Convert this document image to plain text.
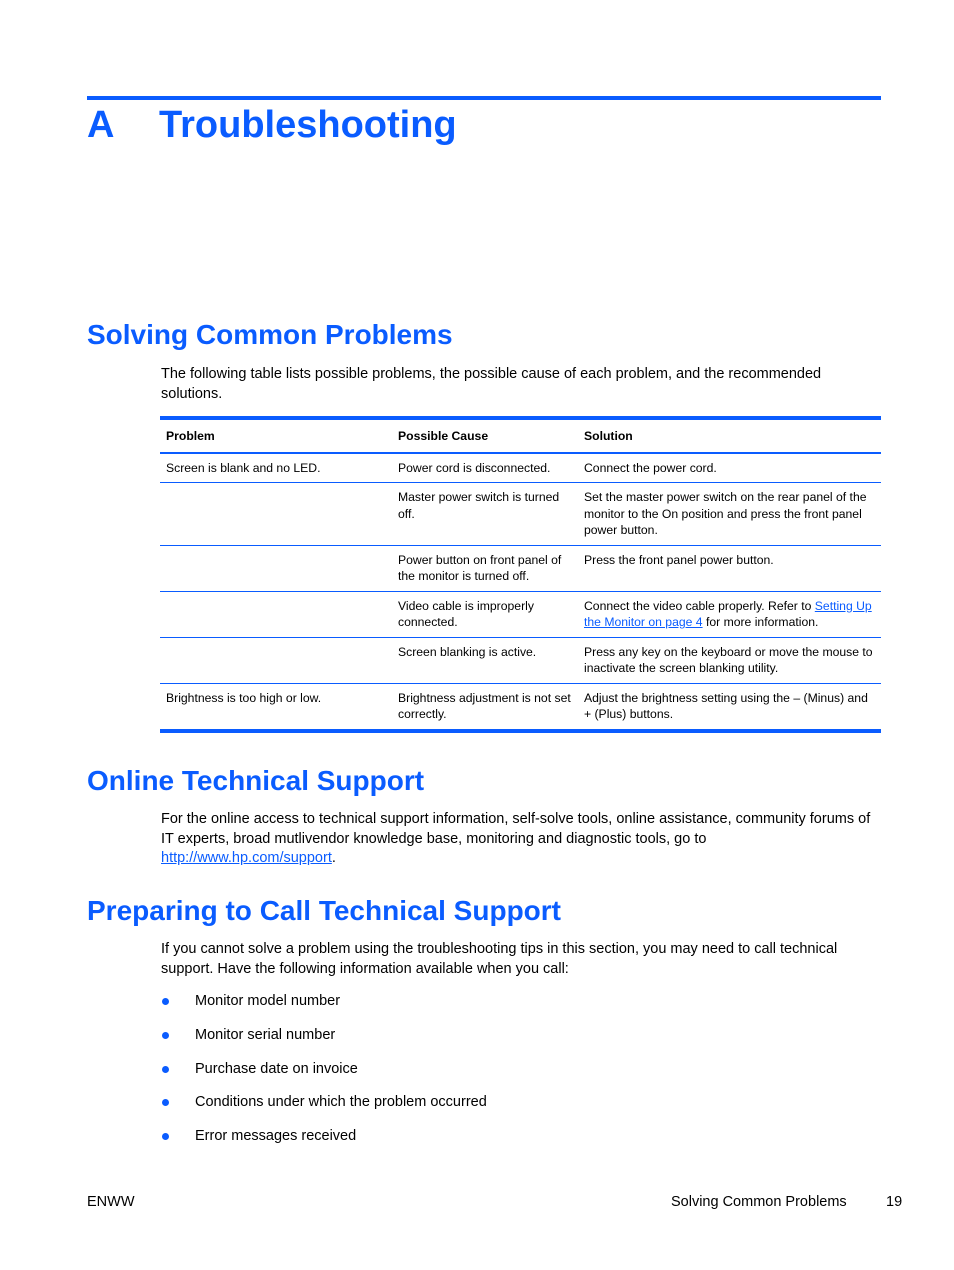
A Troubleshooting
Solving Common Problems

The following table lists possible problems, the possible cause of each problem, and the recommended solutions.

Problem	Possible Cause	Solution
Screen is blank and no LED.	Power cord is disconnected.	Connect the power cord.
	Master power switch is turned off.	Set the master power switch on the rear panel of the monitor to the On position and press the front panel power button.
	Power button on front panel of the monitor is turned off.	Press the front panel power button.
	Video cable is improperly connected.	Connect the video cable properly. Refer to Setting Up the Monitor on page 4 for more information.
	Screen blanking is active.	Press any key on the keyboard or move the mouse to inactivate the screen blanking utility.
Brightness is too high or low.	Brightness adjustment is not set correctly.	Adjust the brightness setting using the – (Minus) and + (Plus) buttons.
Online Technical Support

For the online access to technical support information, self-solve tools, online assistance, community forums of IT experts, broad mutlivendor knowledge base, monitoring and diagnostic tools, go to http://www.hp.com/support.

Preparing to Call Technical Support

If you cannot solve a problem using the troubleshooting tips in this section, you may need to call technical support. Have the following information available when you call:

Monitor model number
Monitor serial number
Purchase date on invoice
Conditions under which the problem occurred
Error messages received
ENWW	Solving Common Problems	19
